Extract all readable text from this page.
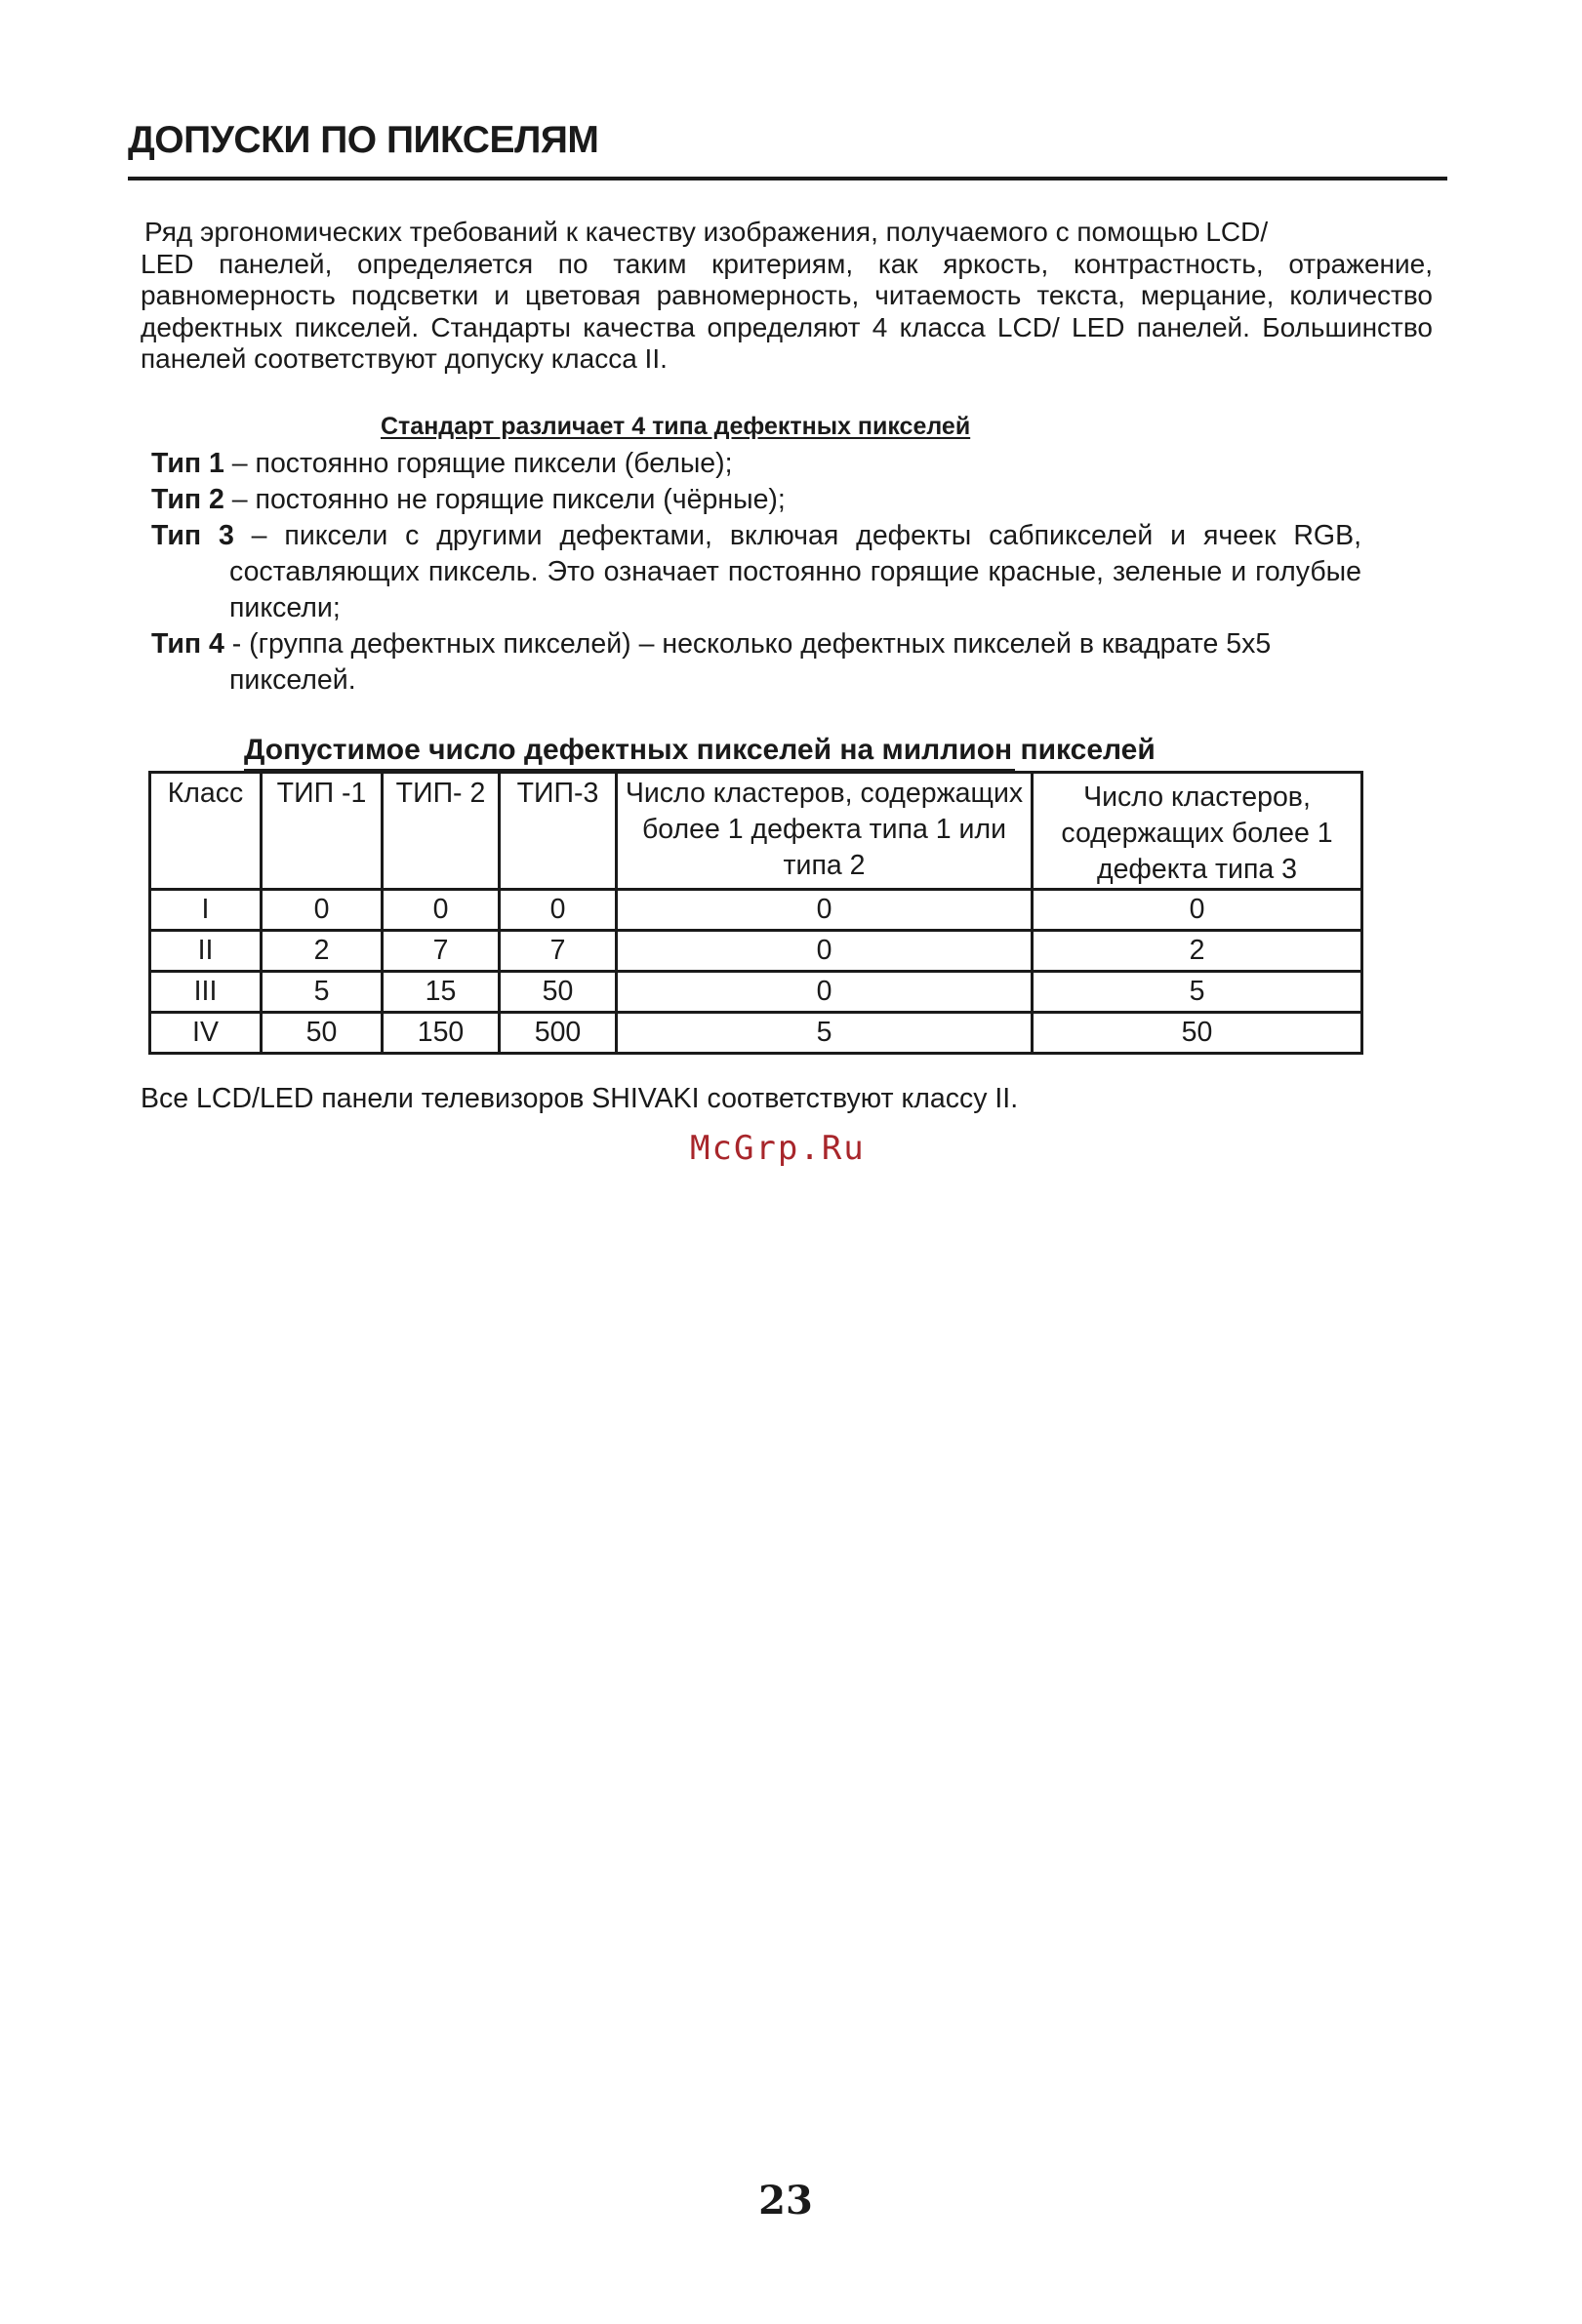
ДОПУСКИ ПО ПИКСЕЛЯМ

Ряд эргономических требований к качеству изображения, получаемого с помощью LCD/
LED панелей, определяется по таким критериям, как яркость, контрастность, отражение, равномерность подсветки и цветовая равномерность, читаемость текста, мерцание, количество дефектных пикселей. Стандарты качества определяют 4 класса LCD/ LED панелей. Большинство панелей соответствуют допуску класса II.

Стандарт различает 4 типа дефектных пикселей

Тип 1 – постоянно горящие пиксели (белые);
Тип 2 – постоянно не горящие пиксели (чёрные);
Тип 3 – пиксели с другими дефектами, включая дефекты сабпикселей и ячеек RGB, составляющих пиксель. Это означает постоянно горящие красные, зеленые и голубые пиксели;
Тип 4 - (группа дефектных пикселей) – несколько дефектных пикселей в квадрате 5х5 пикселей.

Допустимое число дефектных пикселей на миллион пикселей

Класс	ТИП -1	ТИП- 2	ТИП-3	Число кластеров, содержащих более 1 дефекта типа 1 или типа 2	Число кластеров, содержащих более 1 дефекта типа 3
I	0	0	0	0	0
II	2	7	7	0	2
III	5	15	50	0	5
IV	50	150	500	5	50

Все LCD/LED панели телевизоров SHIVAKI соответствуют классу II.

McGrp.Ru

23
